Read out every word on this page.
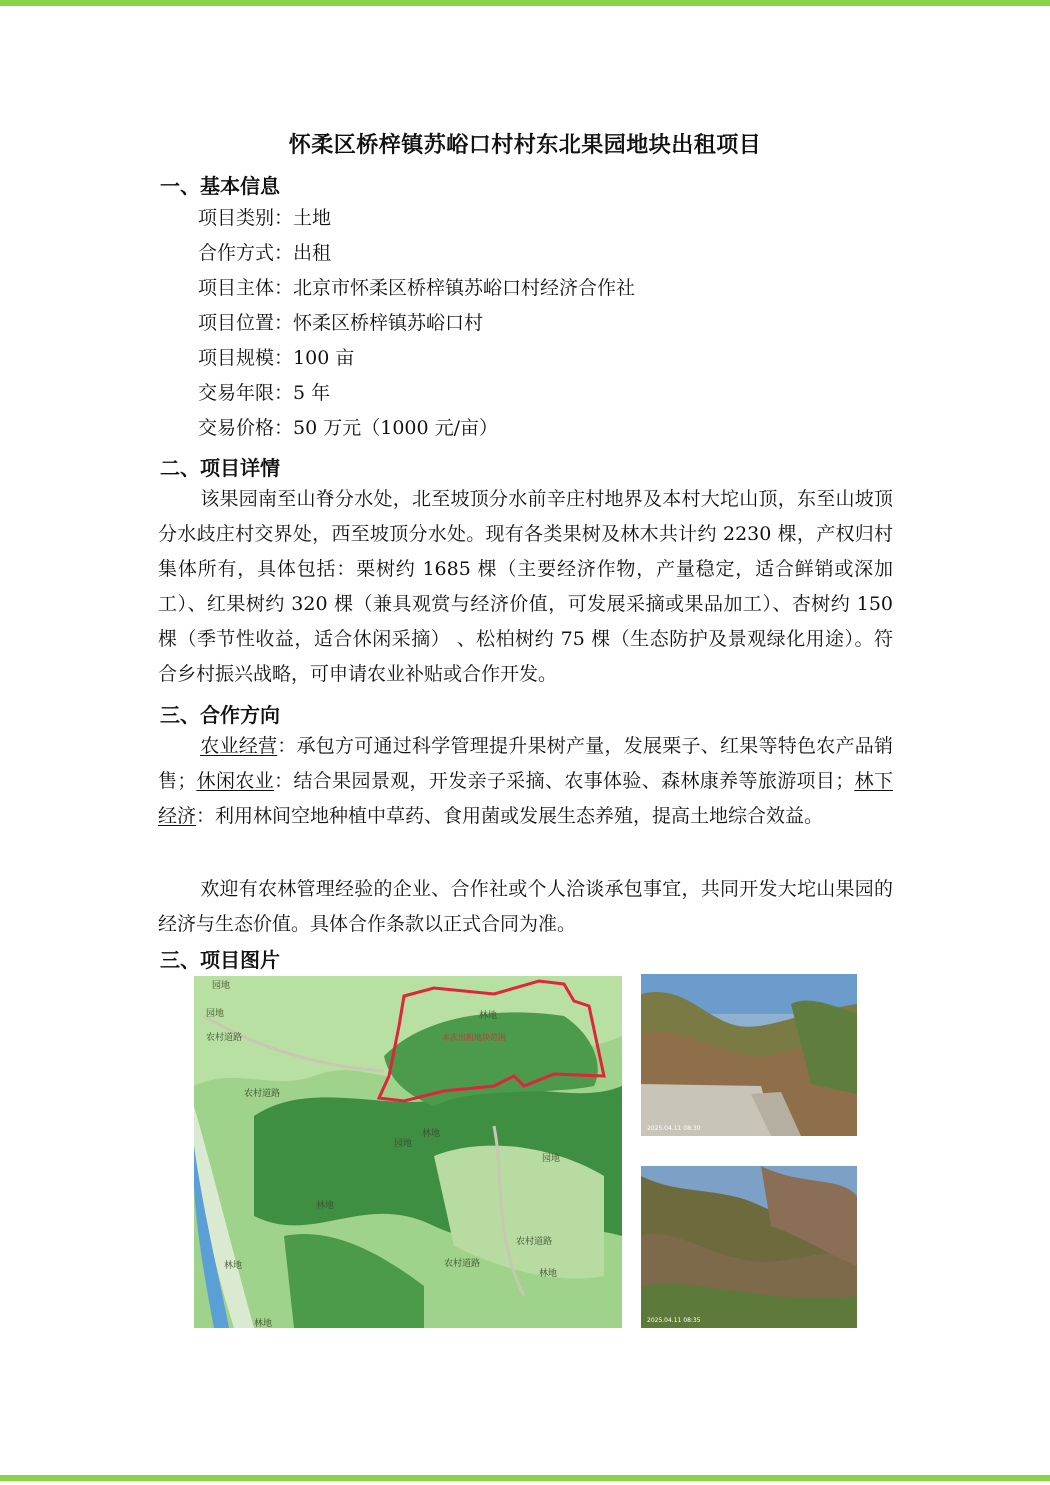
怀柔区桥梓镇苏峪口村村东北果园地块出租项目
一、基本信息
项目类别：土地
合作方式：出租
项目主体：北京市怀柔区桥梓镇苏峪口村经济合作社
项目位置：怀柔区桥梓镇苏峪口村
项目规模：100 亩
交易年限：5 年
交易价格：50 万元（1000 元/亩）
二、项目详情
该果园南至山脊分水处，北至坡顶分水前辛庄村地界及本村大坨山顶，东至山坡顶分水歧庄村交界处，西至坡顶分水处。现有各类果树及林木共计约 2230 棵，产权归村集体所有，具体包括：栗树约 1685 棵（主要经济作物，产量稳定，适合鲜销或深加工）、红果树约 320 棵（兼具观赏与经济价值，可发展采摘或果品加工）、杏树约 150 棵（季节性收益，适合休闲采摘） 、松柏树约 75 棵（生态防护及景观绿化用途）。符合乡村振兴战略，可申请农业补贴或合作开发。
三、合作方向
农业经营：承包方可通过科学管理提升果树产量，发展栗子、红果等特色农产品销售；休闲农业：结合果园景观，开发亲子采摘、农事体验、森林康养等旅游项目；林下经济：利用林间空地种植中草药、食用菌或发展生态养殖，提高土地综合效益。
欢迎有农林管理经验的企业、合作社或个人洽谈承包事宜，共同开发大坨山果园的经济与生态价值。具体合作条款以正式合同为准。
三、项目图片
本次出租地块范围
园地
林地
农村道路
园地
林地
农村道路
林地
园地
农村道路
林地	农村道路
林地
园地
林地
2025.04.11 08:30
2025.04.11 08:35
